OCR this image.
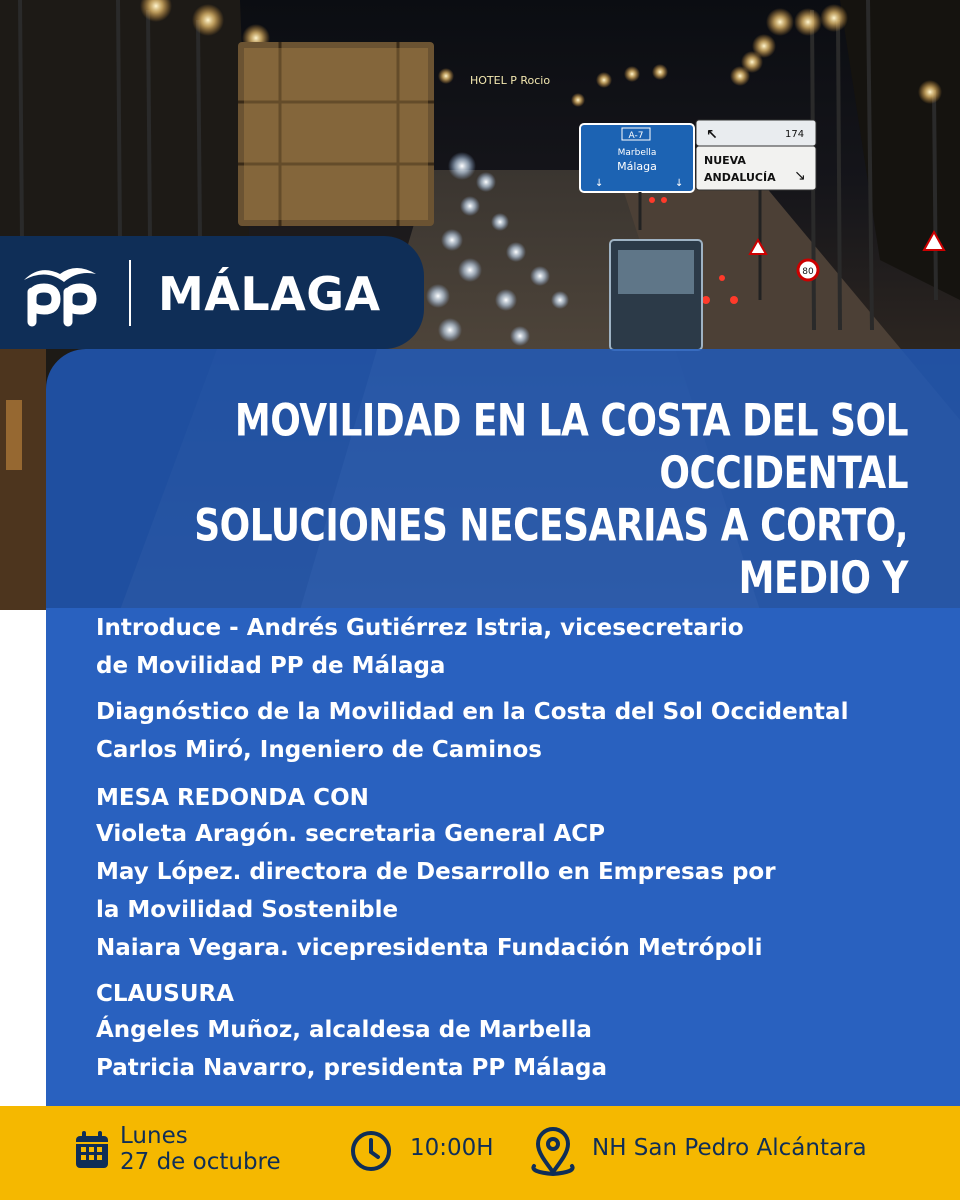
HOTEL P Rocio
A-7
Marbella
Málaga
↓	↓
↖	174
NUEVA
ANDALUCÍA ↘
80
MÁLAGA
MOVILIDAD EN LA COSTA DEL SOL OCCIDENTAL
SOLUCIONES NECESARIAS A CORTO, MEDIO Y
Introduce - Andrés Gutiérrez Istria, vicesecretario
de Movilidad PP de Málaga
Diagnóstico de la Movilidad en la Costa del Sol Occidental
Carlos Miró, Ingeniero de Caminos
MESA REDONDA CON
Violeta Aragón. secretaria General ACP
May López. directora de Desarrollo en Empresas por
la Movilidad Sostenible
Naiara Vegara. vicepresidenta Fundación Metrópoli
CLAUSURA
Ángeles Muñoz, alcaldesa de Marbella
Patricia Navarro, presidenta PP Málaga
Lunes
27 de octubre
10:00H	NH San Pedro Alcántara
